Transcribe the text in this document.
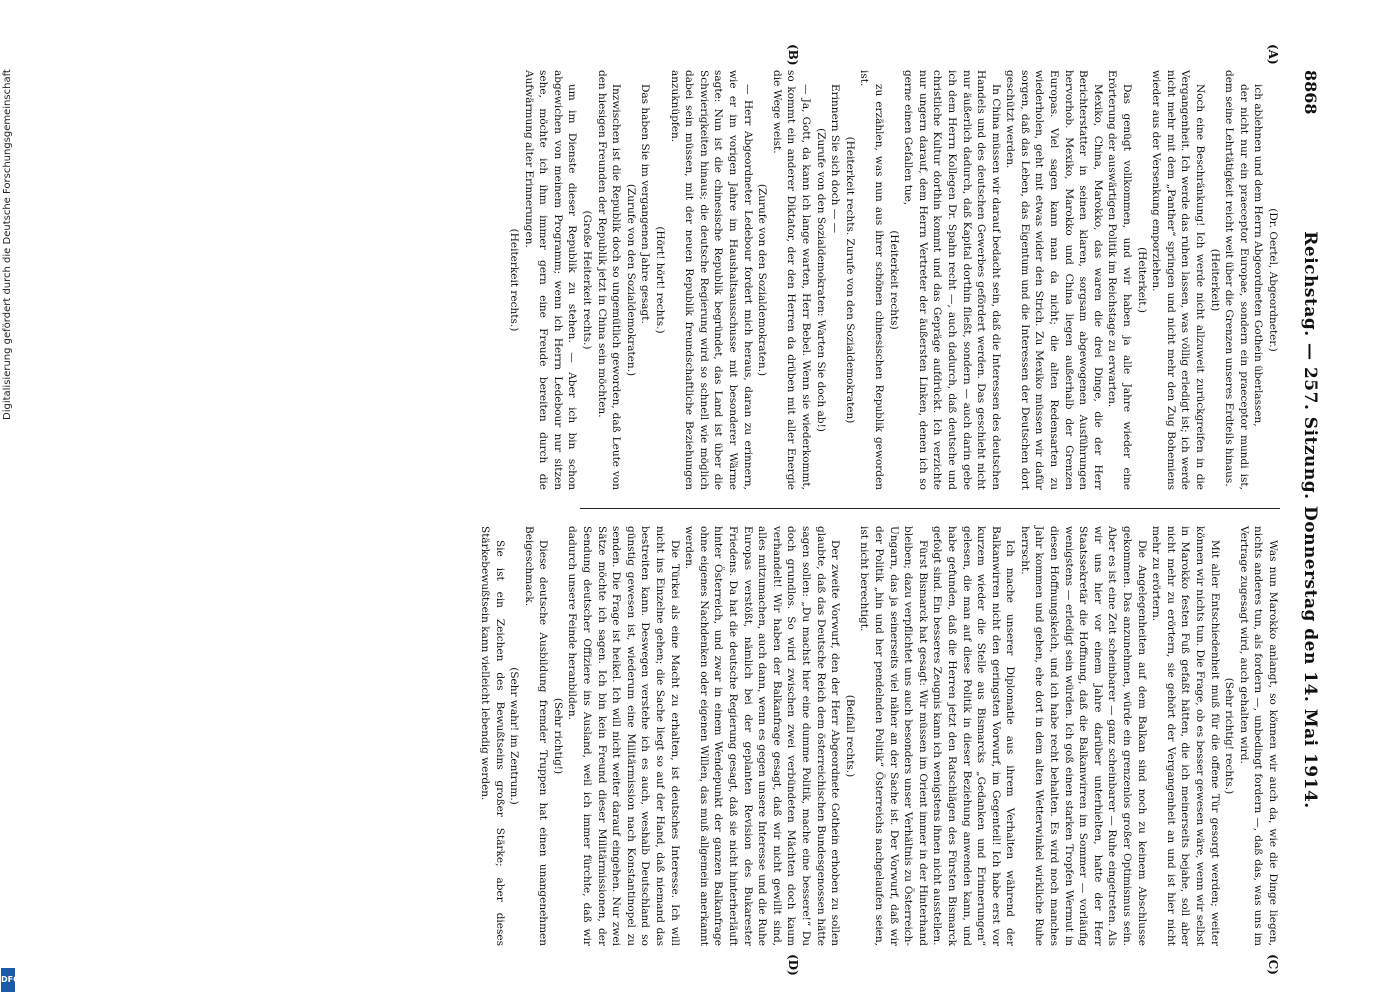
8868
Reichstag. — 257. Sitzung. Donnerstag den 14. Mai 1914.
(A)
(B)
(C)
(D)

(Dr. Oertel, Abgeordneter.)

ich ablehnen und dem Herrn Abgeordneten Gothein überlassen,

der nicht nur ein praeceptor Europae, sondern ein praeceptor mundi ist, dem seine Lehrtätigkeit reicht weit über die Grenzen unseres Erdteils hinaus.

(Heiterkeit)

Noch eine Beschränkung! Ich werde nicht allzuweit zurückgreifen in die Vergangenheit. Ich werde das ruhen lassen, was völlig erledigt ist; ich werde nicht mehr mit dem „Panther“ springen und nicht mehr den Zug Bohemiens wieder aus der Versenkung emporziehen.

(Heiterkeit.)

Das genügt vollkommen, und wir haben ja alle Jahre wieder eine Erörterung der auswärtigen Politik im Reichstage zu erwarten.

Mexiko, China, Marokko, das waren die drei Dinge, die der Herr Berichterstatter in seinen klaren, sorgsam abgewogenen Ausführungen hervorhob. Mexiko, Marokko und China liegen außerhalb der Grenzen Europas. Viel sagen kann man da nicht; die alten Redensarten zu wiederholen, geht mit etwas wider den Strich. Zu Mexiko müssen wir dafür sorgen, daß das Leben, das Eigentum und die Interessen der Deutschen dort geschützt werden.

In China müssen wir darauf bedacht sein, daß die Interessen des deutschen Handels und des deutschen Gewerbes gefördert werden. Das geschieht nicht nur äußerlich dadurch, daß Kapital dorthin fließt, sondern — auch darin gebe ich dem Herrn Kollegen Dr. Spahn recht —, auch dadurch, daß deutsche und christliche Kultur dorthin kommt und das Gepräge aufdrückt. Ich verzichte nur ungern darauf, dem Herrn Vertreter der äußersten Linken, denen ich so gerne einen Gefallen tue,

(Heiterkeit rechts)

zu erzählen, was nun aus ihrer schönen chinesischen Republik geworden ist.

(Heiterkeit rechts. Zurufe von den Sozialdemokraten)

Erinnern Sie sich doch — —

(Zurufe von den Sozialdemokraten: Warten Sie doch ab!)

— Ja, Gott, da kann ich lange warten, Herr Bebel. Wenn sie wiederkommt, so kommt ein anderer Diktator, der den Herren da drüben mit aller Energie die Wege weist.

(Zurufe von den Sozialdemokraten.)

— Herr Abgeordneter Ledebour fordert mich heraus, daran zu erinnern, wie er im vorigen Jahre im Haushaltsausschusse mit besonderer Wärme sagte: Nun ist die chinesische Republik begründet, das Land ist über die Schwierigkeiten hinaus; die deutsche Regierung wird so schnell wie möglich dabei sein müssen, mit der neuen Republik freundschaftliche Beziehungen anzuknüpfen.

(Hört! hört! rechts.)

Das haben Sie im vergangenen Jahre gesagt.

(Zurufe von den Sozialdemokraten.)

Inzwischen ist die Republik doch so ungemütlich geworden, daß Leute von den hiesigen Freunden der Republik jetzt in China sein möchten.

(Große Heiterkeit rechts.)

um im Dienste dieser Republik zu stehen. — Aber ich bin schon abgewichen von meinem Programm; wenn ich Herrn Ledebour nur sitzen sehe, möchte ich ihm immer gern eine Freude bereiten durch die Aufwärmung alter Erinnerungen.

(Heiterkeit rechts.)

Was nun Marokko anlangt, so können wir auch da, wie die Dinge liegen, nichts anderes tun, als fordern —, unbedingt fordern —, daß das, was uns im Vertrage zugesagt wird, auch gehalten wird.

(Sehr richtig! rechts.)

Mit aller Entschiedenheit muß für die offene Tür gesorgt werden; weiter können wir nichts tun. Die Frage, ob es besser gewesen wäre, wenn wir selbst in Marokko festen Fuß gefaßt hätten, die ich meinerseits bejahe, soll aber nicht mehr zu erörtern, sie gehört der Vergangenheit an und ist hier nicht mehr zu erörtern.

Die Angelegenheiten auf dem Balkan sind noch zu keinem Abschlusse gekommen. Das anzunehmen, würde ein grenzenlos großer Optimismus sein. Aber es ist eine Zeit scheinbarer — ganz scheinbarer — Ruhe eingetreten. Als wir uns hier vor einem Jahre darüber unterhielten, hatte der Herr Staatssekretär die Hoffnung, daß die Balkanwirren im Sommer — vorläufig wenigstens — erledigt sein würden. Ich goß einen starken Tropfen Wermut in diesen Hoffnungskelch, und ich habe recht behalten. Es wird noch manches Jahr kommen und gehen, ehe dort in dem alten Wetterwinkel wirkliche Ruhe herrscht.

Ich mache unserer Diplomatie aus ihrem Verhalten während der Balkanwirren nicht den geringsten Vorwurf, im Gegenteil! Ich habe erst vor kurzem wieder die Stelle aus Bismarcks „Gedanken und Erinnerungen“ gelesen, die man auf diese Politik in dieser Beziehung anwenden kann, und habe gefunden, daß die Herren jetzt den Ratschlägen des Fürsten Bismarck gefolgt sind. Ein besseres Zeugnis kann ich wenigstens ihnen nicht ausstellen.

Fürst Bismarck hat gesagt: Wir müssen im Orient immer in der Hinterhand bleiben; dazu verpflichtet uns auch besonders unser Verhältnis zu Österreich-Ungarn, das ja seinerseits viel näher an der Sache ist. Der Vorwurf, daß wir der Politik „hin und her pendelnden Politik“ Österreichs nachgelaufen seien, ist nicht berechtigt.

(Beifall rechts.)

Der zweite Vorwurf, den der Herr Abgeordnete Gothein erhoben zu sollen glaubte, daß das Deutsche Reich dem österreichischen Bundesgenossen hätte sagen sollen: „Du machst hier eine dumme Politik, mache eine bessere!“ Du doch grundlos. So wird zwischen zwei verbündeten Mächten doch kaum verhandelt! Wir haben der Balkanfrage gesagt, daß wir nicht gewillt sind, alles mitzumachen, auch dann, wenn es gegen unsere Interesse und die Ruhe Europas verstößt, nämlich bei der geplanten Revision des Bukarester Friedens. Da hat die deutsche Regierung gesagt, daß sie nicht hinterherläuft hinter Österreich, und zwar in einem Wendepunkt der ganzen Balkanfrage ohne eigenes Nachdenken oder eigenen Willen, das muß allgemein anerkannt werden.

Die Türkei als eine Macht zu erhalten, ist deutsches Interesse. Ich will nicht ins Einzelne gehen; die Sache liegt so auf der Hand, daß niemand das bestreiten kann. Deswegen verstehe ich es auch, weshalb Deutschland so günstig gewesen ist, wiederum eine Militärmission nach Konstantinopel zu senden. Die Frage ist heikel. Ich will nicht weiter darauf eingehen. Nur zwei Sätze möchte ich sagen. Ich bin kein Freund dieser Militärmissionen, der Sendung deutscher Offiziere ins Ausland, weil ich immer fürchte, daß wir dadurch unsere Feinde heranbilden.

(Sehr richtig!)

Diese deutsche Ausbildung fremder Truppen hat einen unangenehmen Beigeschmack.

(Sehr wahr! im Zentrum.)

Sie ist ein Zeichen des Bewußtseins großer Stärke; aber dieses Stärkebewußtsein kann vielleicht lebendig werden.

Digitalisierung gefördert durch die Deutsche Forschungsgemeinschaft
DFG
